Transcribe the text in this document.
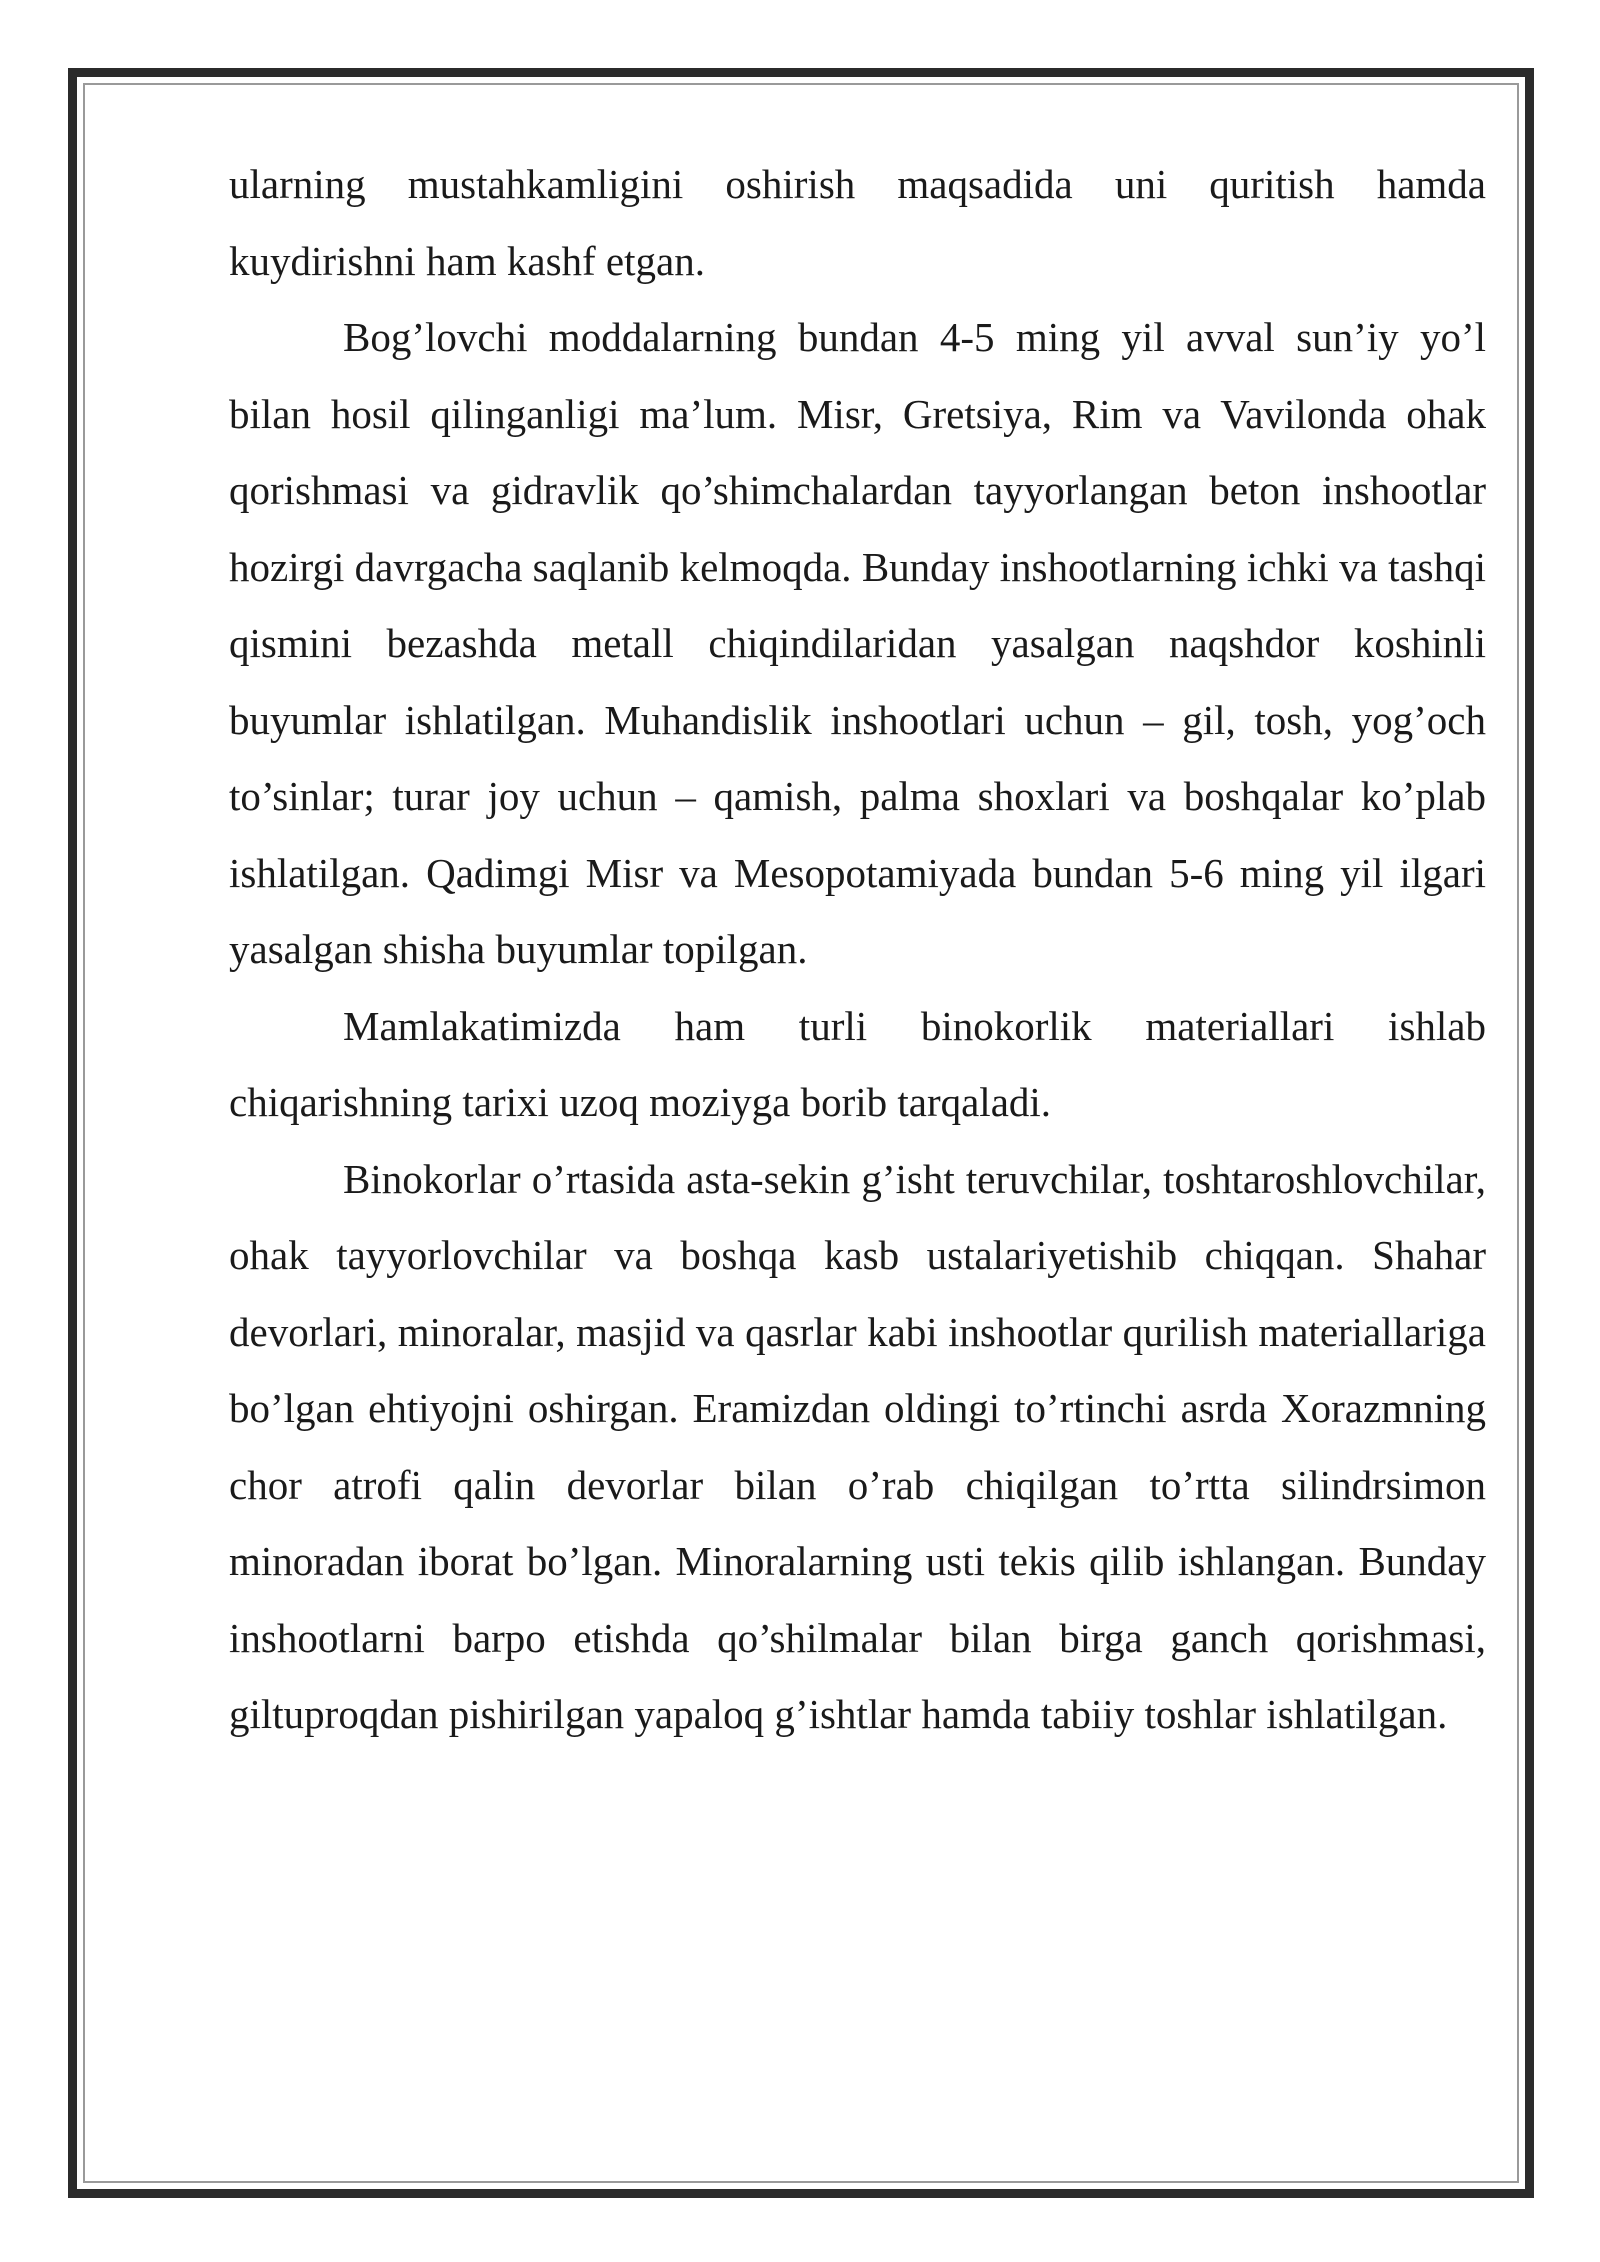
ularning mustahkamligini oshirish maqsadida uni quritish hamda kuydirishni ham kashf etgan.

Bog’lovchi moddalarning bundan 4-5 ming yil avval sun’iy yo’l bilan hosil qilinganligi ma’lum. Misr, Gretsiya, Rim va Vavilonda ohak qorishmasi va gidravlik qo’shimchalardan tayyorlangan beton inshootlar hozirgi davrgacha saqlanib kelmoqda. Bunday inshootlarning ichki va tashqi qismini bezashda metall chiqindilaridan yasalgan naqshdor koshinli buyumlar ishlatilgan. Muhandislik inshootlari uchun – gil, tosh, yog’och to’sinlar; turar joy uchun – qamish, palma shoxlari va boshqalar ko’plab ishlatilgan. Qadimgi Misr va Mesopotamiyada bundan 5-6 ming yil ilgari yasalgan shisha buyumlar topilgan.

Mamlakatimizda ham turli binokorlik materiallari ishlab chiqarishning tarixi uzoq moziyga borib tarqaladi.

Binokorlar o’rtasida asta-sekin g’isht teruvchilar, toshtaroshlovchilar, ohak tayyorlovchilar va boshqa kasb ustalariyetishib chiqqan. Shahar devorlari, minoralar, masjid va qasrlar kabi inshootlar qurilish materiallariga bo’lgan ehtiyojni oshirgan. Eramizdan oldingi to’rtinchi asrda Xorazmning chor atrofi qalin devorlar bilan o’rab chiqilgan to’rtta silindrsimon minoradan iborat bo’lgan. Minoralarning usti tekis qilib ishlangan. Bunday inshootlarni barpo etishda qo’shilmalar bilan birga ganch qorishmasi, giltuproqdan pishirilgan yapaloq g’ishtlar hamda tabiiy toshlar ishlatilgan.
